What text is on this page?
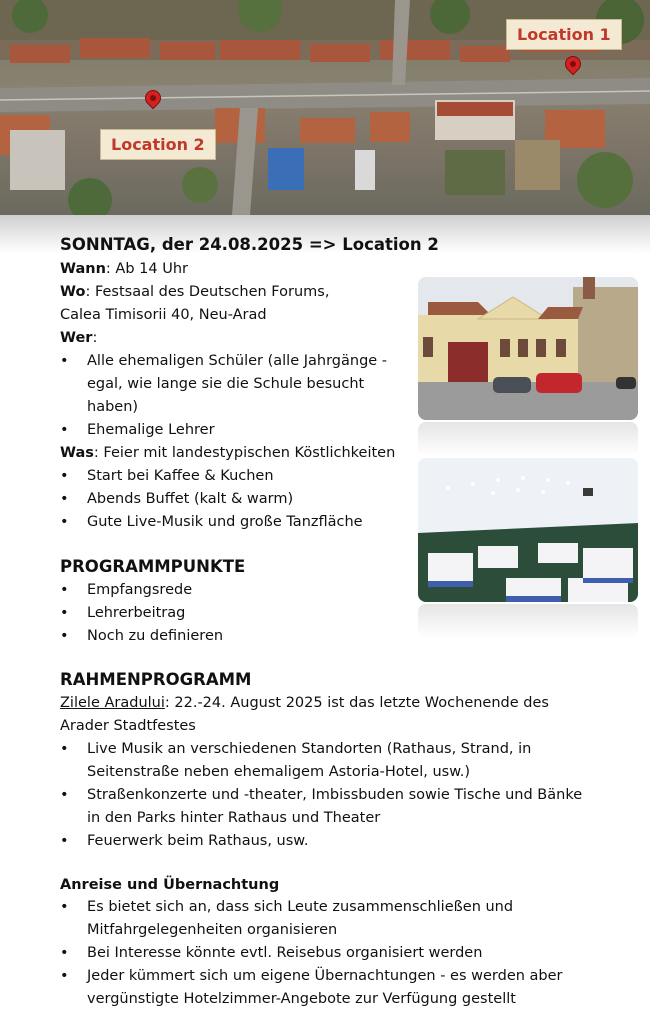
Location 1
Location 2
SONNTAG, der 24.08.2025 => Location 2
Wann: Ab 14 Uhr
Wo: Festsaal des Deutschen Forums,
Calea Timisorii 40, Neu-Arad
Wer:
• Alle ehemaligen Schüler (alle Jahrgänge - egal, wie lange sie die Schule besucht haben)
• Ehemalige Lehrer
Was: Feier mit landestypischen Köstlichkeiten
• Start bei Kaffee & Kuchen
• Abends Buffet (kalt & warm)
• Gute Live-Musik und große Tanzfläche
PROGRAMMPUNKTE
• Empfangsrede
• Lehrerbeitrag
• Noch zu definieren
RAHMENPROGRAMM
Zilele Aradului: 22.-24. August 2025 ist das letzte Wochenende des Arader Stadtfestes
• Live Musik an verschiedenen Standorten (Rathaus, Strand, in Seitenstraße neben ehemaligem Astoria-Hotel, usw.)
• Straßenkonzerte und -theater, Imbissbuden sowie Tische und Bänke in den Parks hinter Rathaus und Theater
• Feuerwerk beim Rathaus, usw.
Anreise und Übernachtung
• Es bietet sich an, dass sich Leute zusammenschließen und Mitfahrgelegenheiten organisieren
• Bei Interesse könnte evtl. Reisebus organisiert werden
• Jeder kümmert sich um eigene Übernachtungen - es werden aber vergünstigte Hotelzimmer-Angebote zur Verfügung gestellt
